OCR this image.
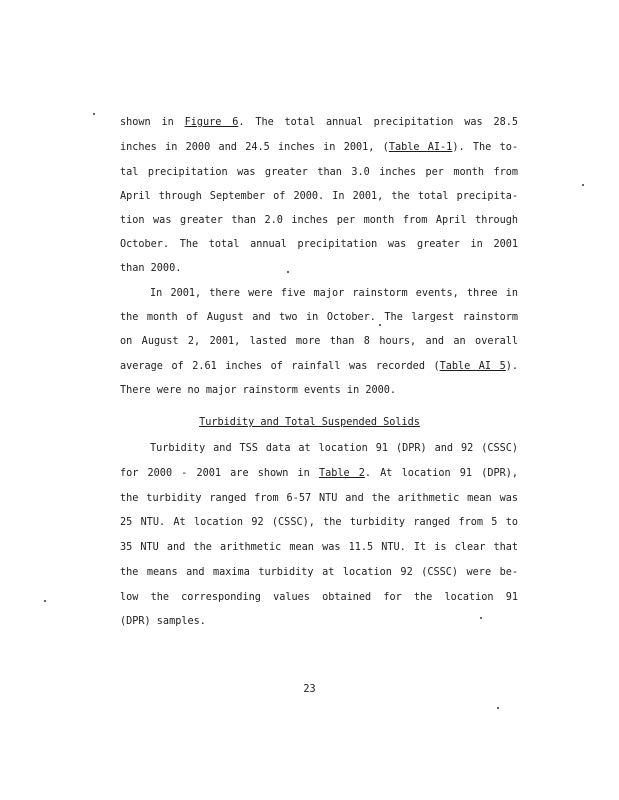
shown in Figure 6. The total annual precipitation was 28.5
inches in 2000 and 24.5 inches in 2001, (Table AI-1). The to-
tal precipitation was greater than 3.0 inches per month from
April through September of 2000. In 2001, the total precipita-
tion was greater than 2.0 inches per month from April through
October. The total annual precipitation was greater in 2001
than 2000.
In 2001, there were five major rainstorm events, three in
the month of August and two in October. The largest rainstorm
on August 2, 2001, lasted more than 8 hours, and an overall
average of 2.61 inches of rainfall was recorded (Table AI 5).
There were no major rainstorm events in 2000.
Turbidity and Total Suspended Solids
Turbidity and TSS data at location 91 (DPR) and 92 (CSSC)
for 2000 - 2001 are shown in Table 2. At location 91 (DPR),
the turbidity ranged from 6-57 NTU and the arithmetic mean was
25 NTU. At location 92 (CSSC), the turbidity ranged from 5 to
35 NTU and the arithmetic mean was 11.5 NTU. It is clear that
the means and maxima turbidity at location 92 (CSSC) were be-
low the corresponding values obtained for the location 91
(DPR) samples.
23
